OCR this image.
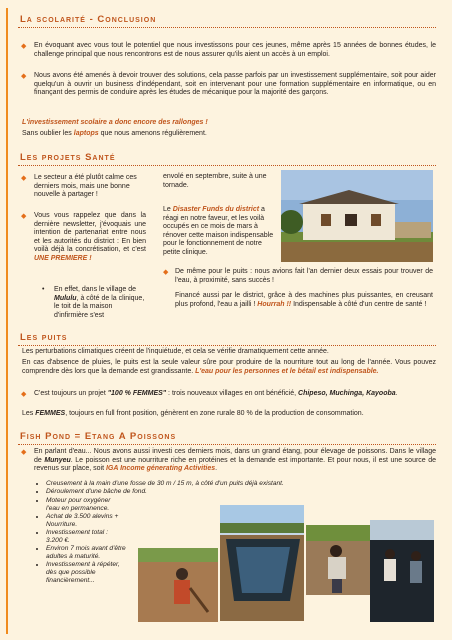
La scolarité - Conclusion
◆ En évoquant avec vous tout le potentiel que nous investissons pour ces jeunes, même après 15 années de bonnes études, le challenge principal que nous rencontrons est de nous assurer qu'ils aient un accès à un emploi.
◆ Nous avons été amenés à devoir trouver des solutions, cela passe parfois par un investissement supplémentaire, soit pour aider quelqu'un à ouvrir un business d'indépendant, soit en intervenant pour une formation supplémentaire en informatique, ou en finançant des permis de conduire après les études de mécanique pour la majorité des garçons.
L'investissement scolaire a donc encore des rallonges !
Sans oublier les laptops que nous amenons régulièrement.
Les projets Santé
◆ Le secteur a été plutôt calme ces derniers mois, mais une bonne nouvelle à partager !
◆ Vous vous rappelez que dans la dernière newsletter, j'évoquais une intention de partenariat entre nous et les autorités du district : En bien voilà déjà la concrétisation, et c'est UNE PREMIERE !
• En effet, dans le village de Mululu, à côté de la clinique, le toit de la maison d'infirmière s'est
envolé en septembre, suite à une tornade.
Le Disaster Funds du district a réagi en notre faveur, et les voilà occupés en ce mois de mars à rénover cette maison indispensable pour le fonctionnement de notre petite clinique.
◆ De même pour le puits : nous avions fait l'an dernier deux essais pour trouver de l'eau, à proximité, sans succès !
Financé aussi par le district, grâce à des machines plus puissantes, en creusant plus profond, l'eau a jailli ! Hourrah !! Indispensable à côté d'un centre de santé !
Les puits
Les perturbations climatiques créent de l'inquiétude, et cela se vérifie dramatiquement cette année.
En cas d'absence de pluies, le puits est la seule valeur sûre pour produire de la nourriture tout au long de l'année. Vous pouvez comprendre dès lors que la demande est grandissante. L'eau pour les personnes et le bétail est indispensable.
◆ C'est toujours un projet "100 % FEMMES" : trois nouveaux villages en ont bénéficié, Chipeso, Muchinga, Kayooba.
Les FEMMES, toujours en full front position, génèrent en zone rurale 80 % de la production de consommation.
Fish Pond = Etang A Poissons
◆ En parlant d'eau... Nous avons aussi investi ces derniers mois, dans un grand étang, pour élevage de poissons. Dans le village de Munyeu. Le poisson est une nourriture riche en protéines et la demande est importante. Et pour nous, il est une source de revenus sur place, soit IGA Income génerating Activities.
• Creusement à la main d'une fosse de 30 m / 15 m, à côté d'un puits déjà existant.
• Déroulement d'une bâche de fond.
• Moteur pour oxygéner l'eau en permanence.
• Achat de 3.500 alevins + Nourriture.
• Investissement total : 3.200 €.
• Environ 7 mois avant d'être adultes à maturité.
• Investissement à répéter, dès que possible financièrement...
